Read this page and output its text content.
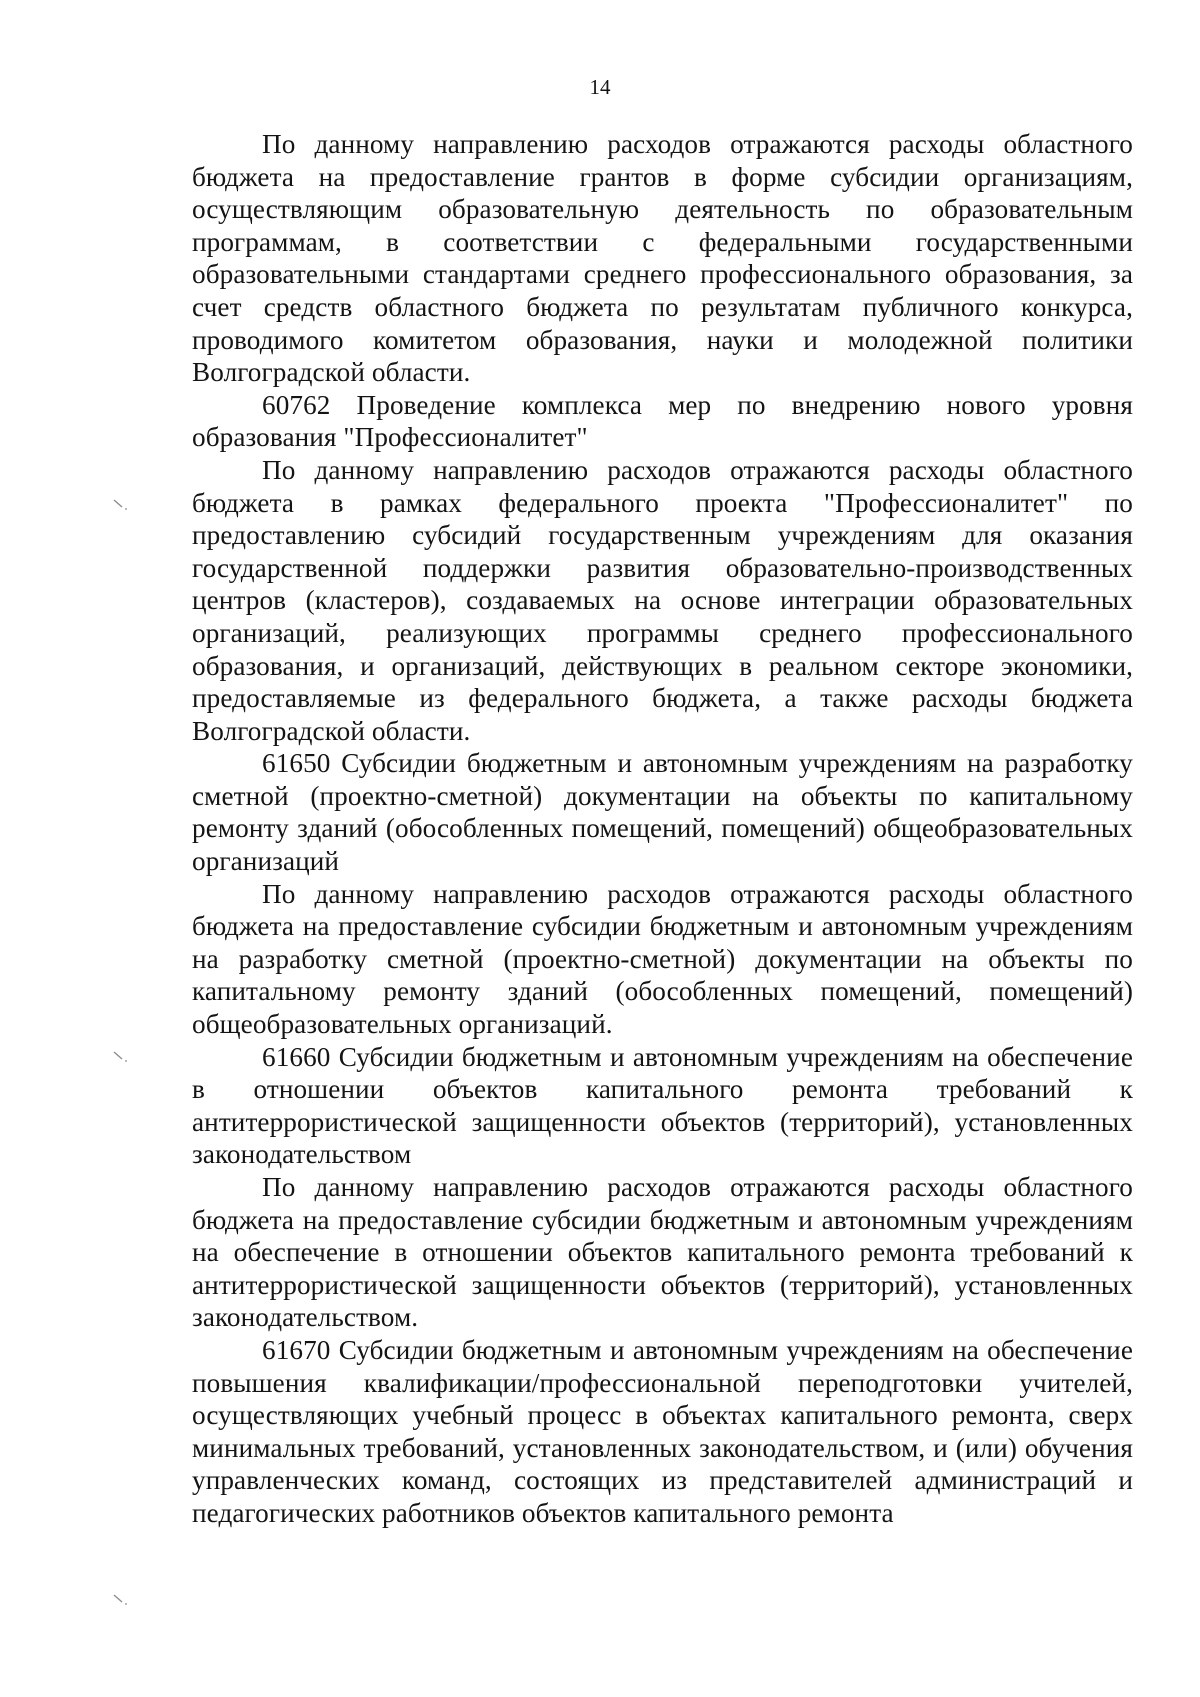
14

По данному направлению расходов отражаются расходы областного бюджета на предоставление грантов в форме субсидии организациям, осуществляющим образовательную деятельность по образовательным программам, в соответствии с федеральными государственными образовательными стандартами среднего профессионального образования, за счет средств областного бюджета по результатам публичного конкурса, проводимого комитетом образования, науки и молодежной политики Волгоградской области.

60762 Проведение комплекса мер по внедрению нового уровня образования "Профессионалитет"

По данному направлению расходов отражаются расходы областного бюджета в рамках федерального проекта "Профессионалитет" по предоставлению субсидий государственным учреждениям для оказания государственной поддержки развития образовательно-производственных центров (кластеров), создаваемых на основе интеграции образовательных организаций, реализующих программы среднего профессионального образования, и организаций, действующих в реальном секторе экономики, предоставляемые из федерального бюджета, а также расходы бюджета Волгоградской области.

61650 Субсидии бюджетным и автономным учреждениям на разработку сметной (проектно-сметной) документации на объекты по капитальному ремонту зданий (обособленных помещений, помещений) общеобразовательных организаций

По данному направлению расходов отражаются расходы областного бюджета на предоставление субсидии бюджетным и автономным учреждениям на разработку сметной (проектно-сметной) документации на объекты по капитальному ремонту зданий (обособленных помещений, помещений) общеобразовательных организаций.

61660 Субсидии бюджетным и автономным учреждениям на обеспечение в отношении объектов капитального ремонта требований к антитеррористической защищенности объектов (территорий), установленных законодательством

По данному направлению расходов отражаются расходы областного бюджета на предоставление субсидии бюджетным и автономным учреждениям на обеспечение в отношении объектов капитального ремонта требований к антитеррористической защищенности объектов (территорий), установленных законодательством.

61670 Субсидии бюджетным и автономным учреждениям на обеспечение повышения квалификации/профессиональной переподготовки учителей, осуществляющих учебный процесс в объектах капитального ремонта, сверх минимальных требований, установленных законодательством, и (или) обучения управленческих команд, состоящих из представителей администраций и педагогических работников объектов капитального ремонта
